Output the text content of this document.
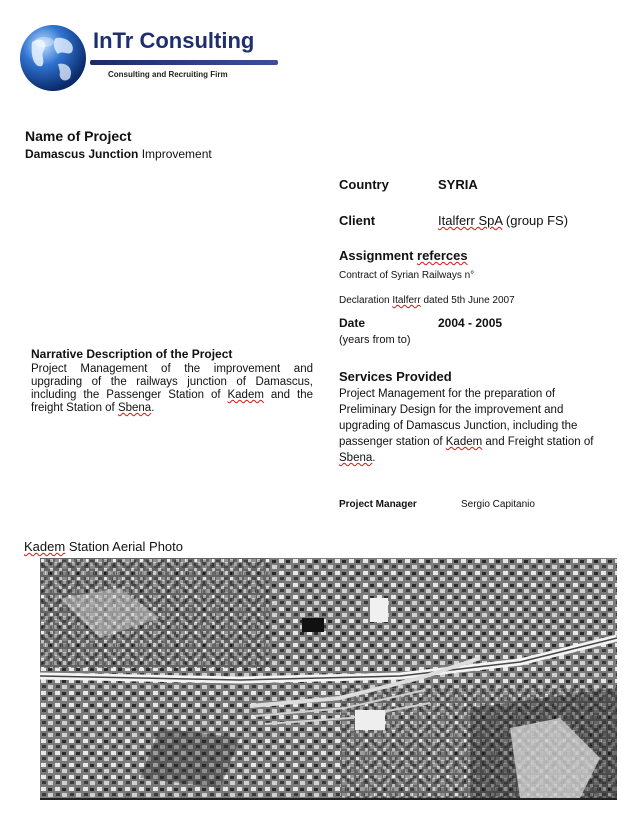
InTr Consulting
Consulting and Recruiting Firm
Name of Project
Damascus Junction Improvement
Country	SYRIA
Client	Italferr SpA (group FS)
Assignment referces
Contract of Syrian Railways n°
Declaration Italferr dated 5th June 2007
Date	2004 - 2005
(years from to)
Narrative Description of the Project
Project Management of the improvement and upgrading of the railways junction of Damascus, including the Passenger Station of Kadem and the freight Station of Sbena.
Services Provided
Project Management for the preparation of Preliminary Design for the improvement and upgrading of Damascus Junction, including the passenger station of Kadem and Freight station of Sbena.
Project Manager	Sergio Capitanio
Kadem Station Aerial Photo
